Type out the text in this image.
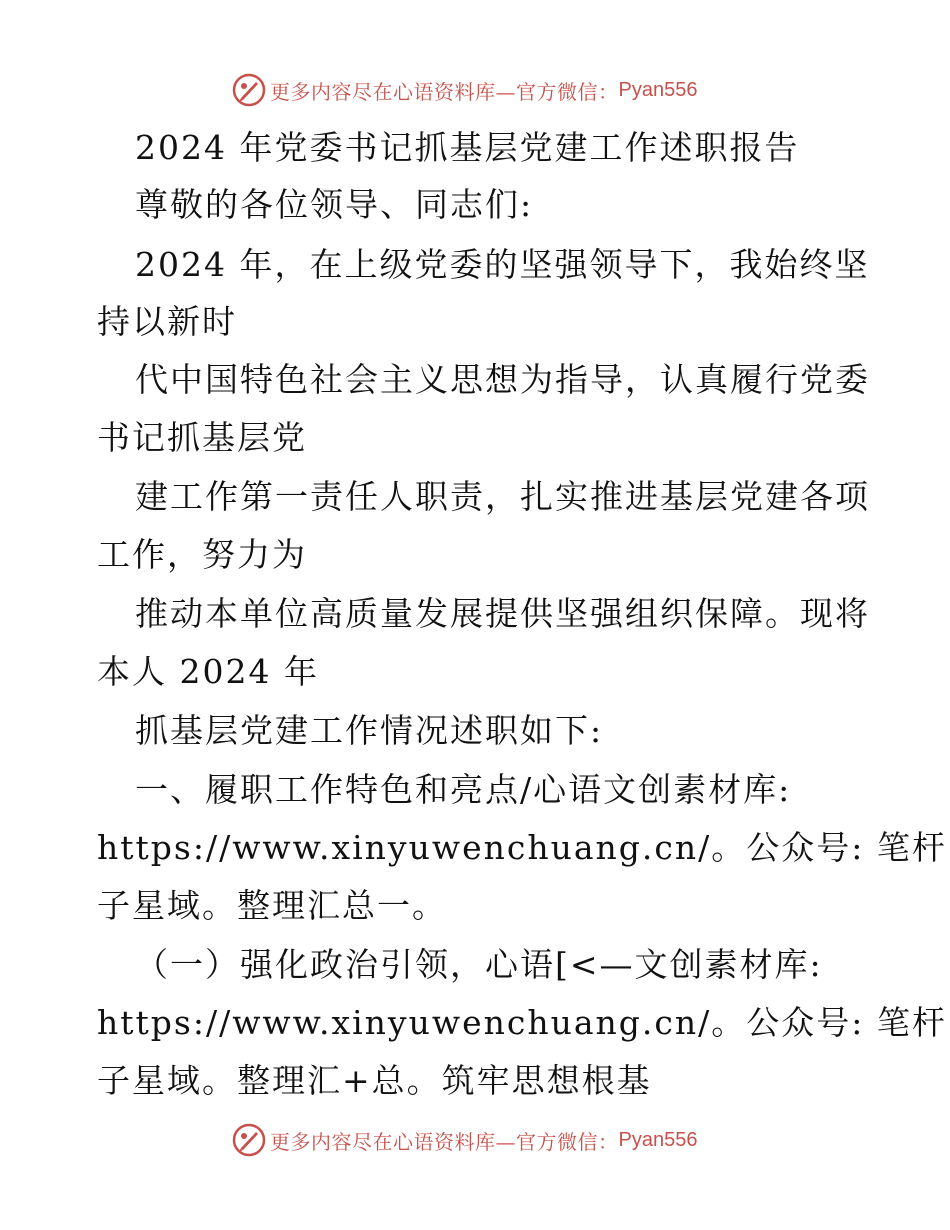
更多内容尽在心语资料库—官方微信： Pyan556
2024 年党委书记抓基层党建工作述职报告
尊敬的各位领导、同志们:
2024 年，在上级党委的坚强领导下，我始终坚
持以新时
代中国特色社会主义思想为指导，认真履行党委
书记抓基层党
建工作第一责任人职责，扎实推进基层党建各项
工作，努力为
推动本单位高质量发展提供坚强组织保障。现将
本人 2024 年
抓基层党建工作情况述职如下:
一、履职工作特色和亮点/心语文创素材库:
https://www.xinyuwenchuang.cn/。公众号: 笔杆
子星域。整理汇总一。
（一）强化政治引领，心语[<—文创素材库:
https://www.xinyuwenchuang.cn/。公众号: 笔杆
子星域。整理汇+总。筑牢思想根基
更多内容尽在心语资料库—官方微信： Pyan556
